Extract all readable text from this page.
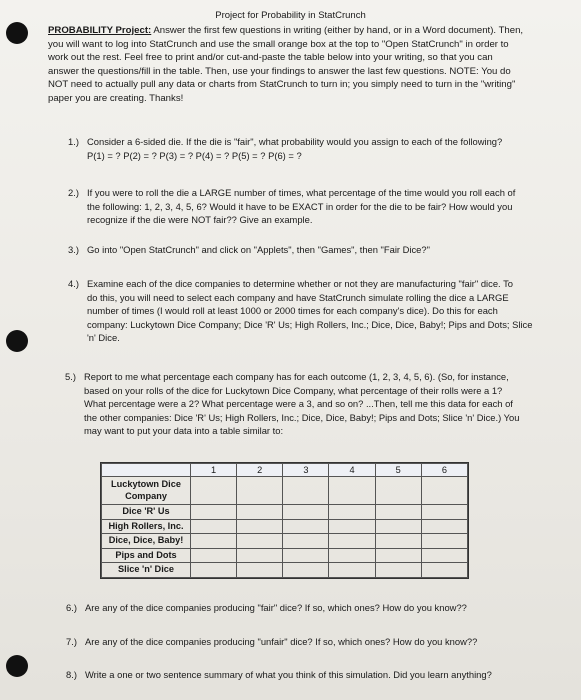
Project for Probability in StatCrunch
PROBABILITY Project: Answer the first few questions in writing (either by hand, or in a Word document). Then,
you will want to log into StatCrunch and use the small orange box at the top to "Open StatCrunch" in order to
work out the rest. Feel free to print and/or cut-and-paste the table below into your writing, so that you can
answer the questions/fill in the table. Then, use your findings to answer the last few questions. NOTE: You do
NOT need to actually pull any data or charts from StatCrunch to turn in; you simply need to turn in the "writing"
paper you are creating. Thanks!
1.) Consider a 6-sided die. If the die is "fair", what probability would you assign to each of the following?
P(1) = ? P(2) = ? P(3) = ? P(4) = ? P(5) = ? P(6) = ?
2.) If you were to roll the die a LARGE number of times, what percentage of the time would you roll each of
the following: 1, 2, 3, 4, 5, 6? Would it have to be EXACT in order for the die to be fair? How would you
recognize if the die were NOT fair?? Give an example.
3.) Go into "Open StatCrunch" and click on "Applets", then "Games", then "Fair Dice?"
4.) Examine each of the dice companies to determine whether or not they are manufacturing "fair" dice. To
do this, you will need to select each company and have StatCrunch simulate rolling the dice a LARGE
number of times (I would roll at least 1000 or 2000 times for each company's dice). Do this for each
company: Luckytown Dice Company; Dice 'R' Us; High Rollers, Inc.; Dice, Dice, Baby!; Pips and Dots; Slice
'n' Dice.
5.) Report to me what percentage each company has for each outcome (1, 2, 3, 4, 5, 6). (So, for instance,
based on your rolls of the dice for Luckytown Dice Company, what percentage of their rolls were a 1?
What percentage were a 2? What percentage were a 3, and so on? ...Then, tell me this data for each of
the other companies: Dice 'R' Us; High Rollers, Inc.; Dice, Dice, Baby!; Pips and Dots; Slice 'n' Dice.) You
may want to put your data into a table similar to:
	1	2	3	4	5	6
Luckytown Dice
Company						
Dice 'R' Us						
High Rollers, Inc.						
Dice, Dice, Baby!						
Pips and Dots						
Slice 'n' Dice						
6.) Are any of the dice companies producing "fair" dice? If so, which ones? How do you know??
7.) Are any of the dice companies producing "unfair" dice? If so, which ones? How do you know??
8.) Write a one or two sentence summary of what you think of this simulation. Did you learn anything?
